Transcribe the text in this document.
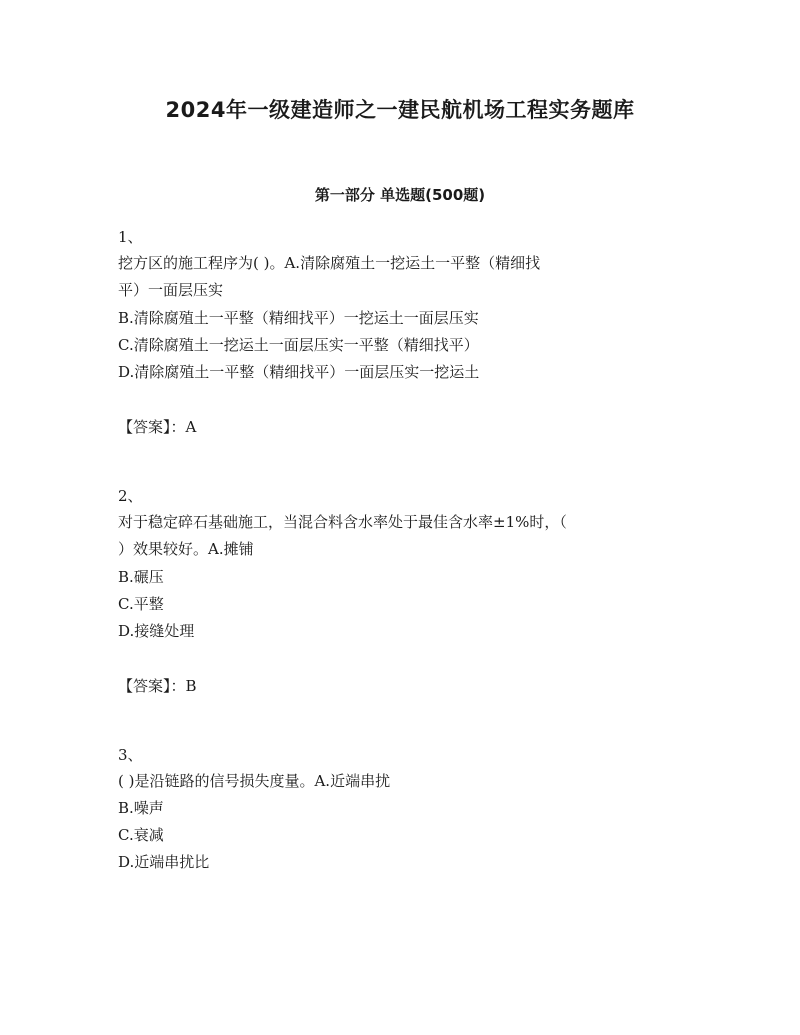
2024年一级建造师之一建民航机场工程实务题库
第一部分 单选题(500题)
1、
挖方区的施工程序为( )。A.清除腐殖土一挖运土一平整（精细找
平）一面层压实
B.清除腐殖土一平整（精细找平）一挖运土一面层压实
C.清除腐殖土一挖运土一面层压实一平整（精细找平）
D.清除腐殖土一平整（精细找平）一面层压实一挖运土
【答案】：A
2、
对于稳定碎石基础施工，当混合料含水率处于最佳含水率±1%时，（
）效果较好。A.摊铺
B.碾压
C.平整
D.接缝处理
【答案】：B
3、
( )是沿链路的信号损失度量。A.近端串扰
B.噪声
C.衰减
D.近端串扰比
